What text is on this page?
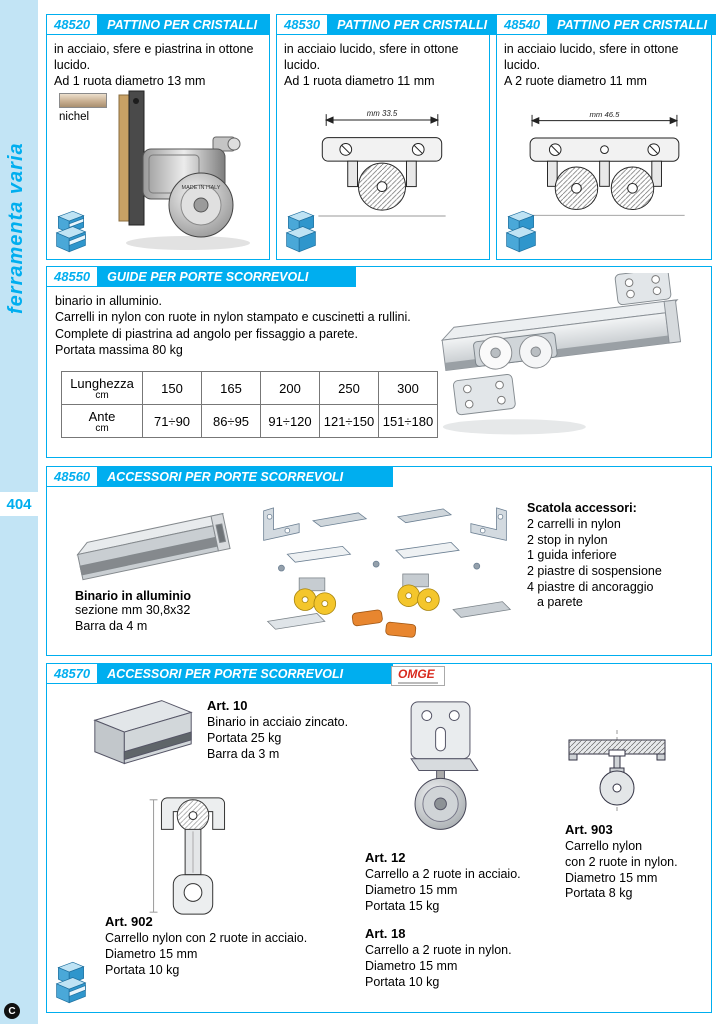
ferramenta varia
404
C
48520	PATTINO PER CRISTALLI
in acciaio, sfere e piastrina in ottone lucido.
Ad 1 ruota diametro 13 mm
nichel
MADE IN ITALY
48530	PATTINO PER CRISTALLI
in acciaio lucido, sfere in ottone lucido.
Ad 1 ruota diametro 11 mm
mm 33.5
48540	PATTINO PER CRISTALLI
in acciaio lucido, sfere in ottone lucido.
A 2 ruote diametro 11 mm
mm 46.5
48550	GUIDE PER PORTE SCORREVOLI
binario in alluminio.
Carrelli in nylon con ruote in nylon stampato e cuscinetti a rullini.
Complete di piastrina ad angolo per fissaggio a parete.
Portata massima 80 kg
Lunghezza
cm	150	165	200	250	300

Ante
cm	71÷90	86÷95	91÷120	121÷150	151÷180
48560	ACCESSORI PER PORTE SCORREVOLI
Binario in alluminio
sezione mm 30,8x32
Barra da 4 m
Scatola accessori:
2 carrelli in nylon
2 stop in nylon
1 guida inferiore
2 piastre di sospensione
4 piastre di ancoraggio
a parete
48570	ACCESSORI PER PORTE SCORREVOLI	OMGE
Art. 10
Binario in acciaio zincato.
Portata 25 kg
Barra da 3 m
Art. 903
Carrello nylon
con 2 ruote in nylon.
Diametro 15 mm
Portata 8 kg
Art. 902
Carrello nylon con 2 ruote in acciaio.
Diametro 15 mm
Portata 10 kg
Art. 12
Carrello a 2 ruote in acciaio.
Diametro 15 mm
Portata 15 kg
Art. 18
Carrello a 2 ruote in nylon.
Diametro 15 mm
Portata 10 kg
